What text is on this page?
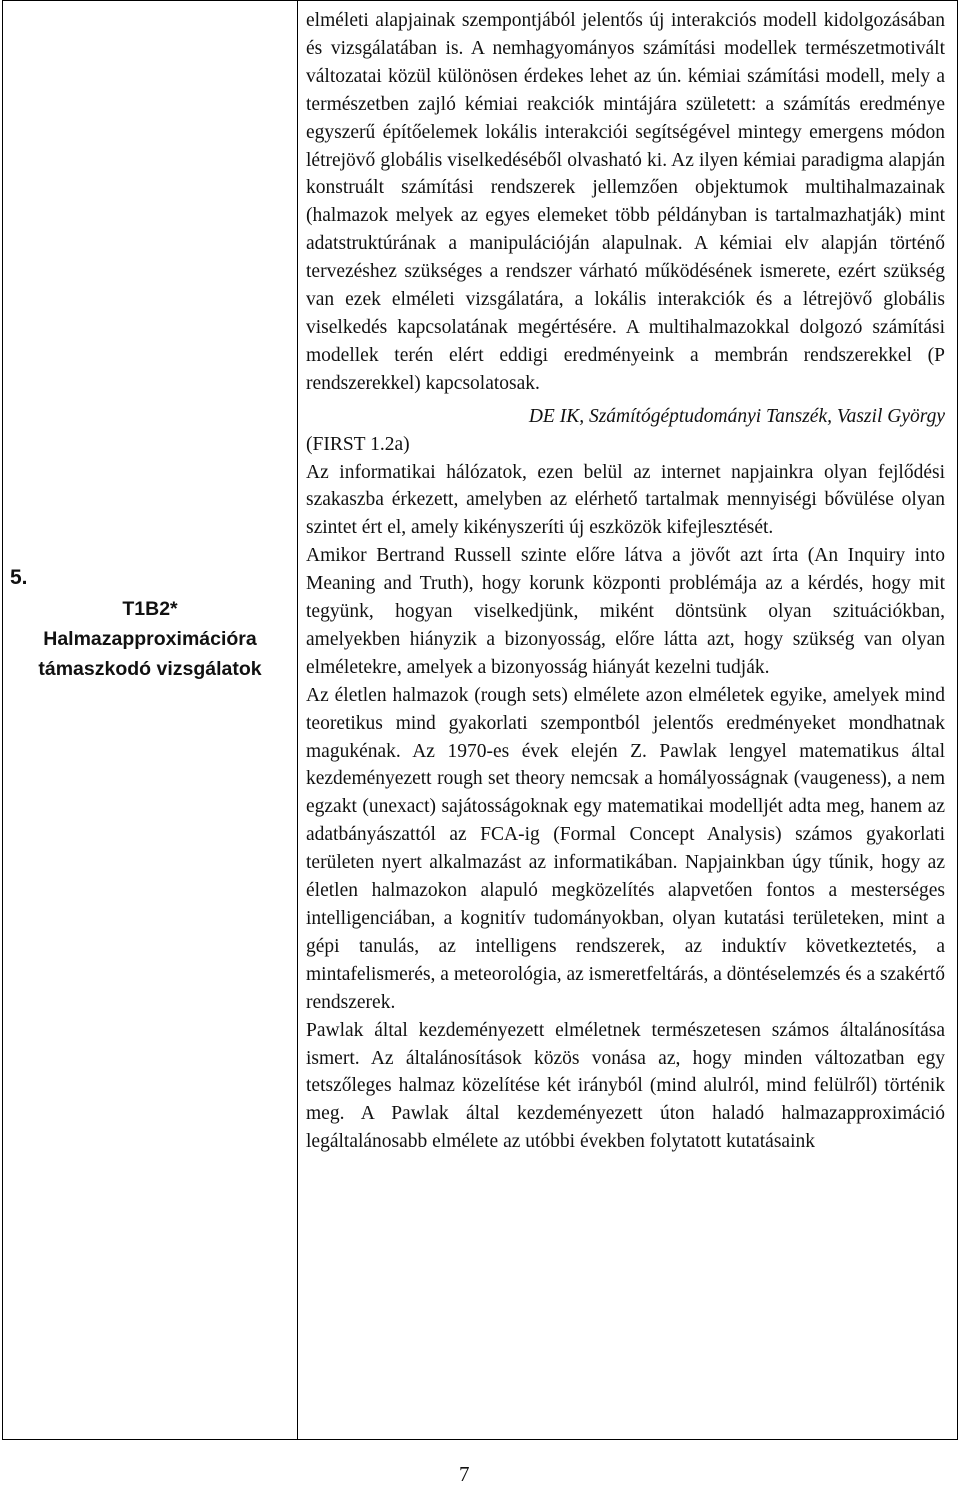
5.
T1B2*
Halmazapproximációra
támaszkodó vizsgálatok

elméleti alapjainak szempontjából jelentős új interakciós modell kidolgozásában és vizsgálatában is. A nemhagyományos számítási modellek természetmotivált változatai közül különösen érdekes lehet az ún. kémiai számítási modell, mely a természetben zajló kémiai reakciók mintájára született: a számítás eredménye egyszerű építőelemek lokális interakciói segítségével mintegy emergens módon létrejövő globális viselkedéséből olvasható ki. Az ilyen kémiai paradigma alapján konstruált számítási rendszerek jellemzően objektumok multihalmazainak (halmazok melyek az egyes elemeket több példányban is tartalmazhatják) mint adatstruktúrának a manipulációján alapulnak. A kémiai elv alapján történő tervezéshez szükséges a rendszer várható működésének ismerete, ezért szükség van ezek elméleti vizsgálatára, a lokális interakciók és a létrejövő globális viselkedés kapcsolatának megértésére. A multihalmazokkal dolgozó számítási modellek terén elért eddigi eredményeink a membrán rendszerekkel (P rendszerekkel) kapcsolatosak.

DE IK, Számítógéptudományi Tanszék, Vaszil György

(FIRST 1.2a)

Az informatikai hálózatok, ezen belül az internet napjainkra olyan fejlődési szakaszba érkezett, amelyben az elérhető tartalmak mennyiségi bővülése olyan szintet ért el, amely kikényszeríti új eszközök kifejlesztését.

Amikor Bertrand Russell szinte előre látva a jövőt azt írta (An Inquiry into Meaning and Truth), hogy korunk központi problémája az a kérdés, hogy mit tegyünk, hogyan viselkedjünk, miként döntsünk olyan szituációkban, amelyekben hiányzik a bizonyosság, előre látta azt, hogy szükség van olyan elméletekre, amelyek a bizonyosság hiányát kezelni tudják.

Az életlen halmazok (rough sets) elmélete azon elméletek egyike, amelyek mind teoretikus mind gyakorlati szempontból jelentős eredményeket mondhatnak magukénak. Az 1970-es évek elején Z. Pawlak lengyel matematikus által kezdeményezett rough set theory nemcsak a homályosságnak (vaugeness), a nem egzakt (unexact) sajátosságoknak egy matematikai modelljét adta meg, hanem az adatbányászattól az FCA-ig (Formal Concept Analysis) számos gyakorlati területen nyert alkalmazást az informatikában. Napjainkban úgy tűnik, hogy az életlen halmazokon alapuló megközelítés alapvetően fontos a mesterséges intelligenciában, a kognitív tudományokban, olyan kutatási területeken, mint a gépi tanulás, az intelligens rendszerek, az induktív következtetés, a mintafelismerés, a meteorológia, az ismeretfeltárás, a döntéselemzés és a szakértő rendszerek.

Pawlak által kezdeményezett elméletnek természetesen számos általánosítása ismert. Az általánosítások közös vonása az, hogy minden változatban egy tetszőleges halmaz közelítése két irányból (mind alulról, mind felülről) történik meg. A Pawlak által kezdeményezett úton haladó halmazapproximáció legáltalánosabb elmélete az utóbbi években folytatott kutatásaink

7
